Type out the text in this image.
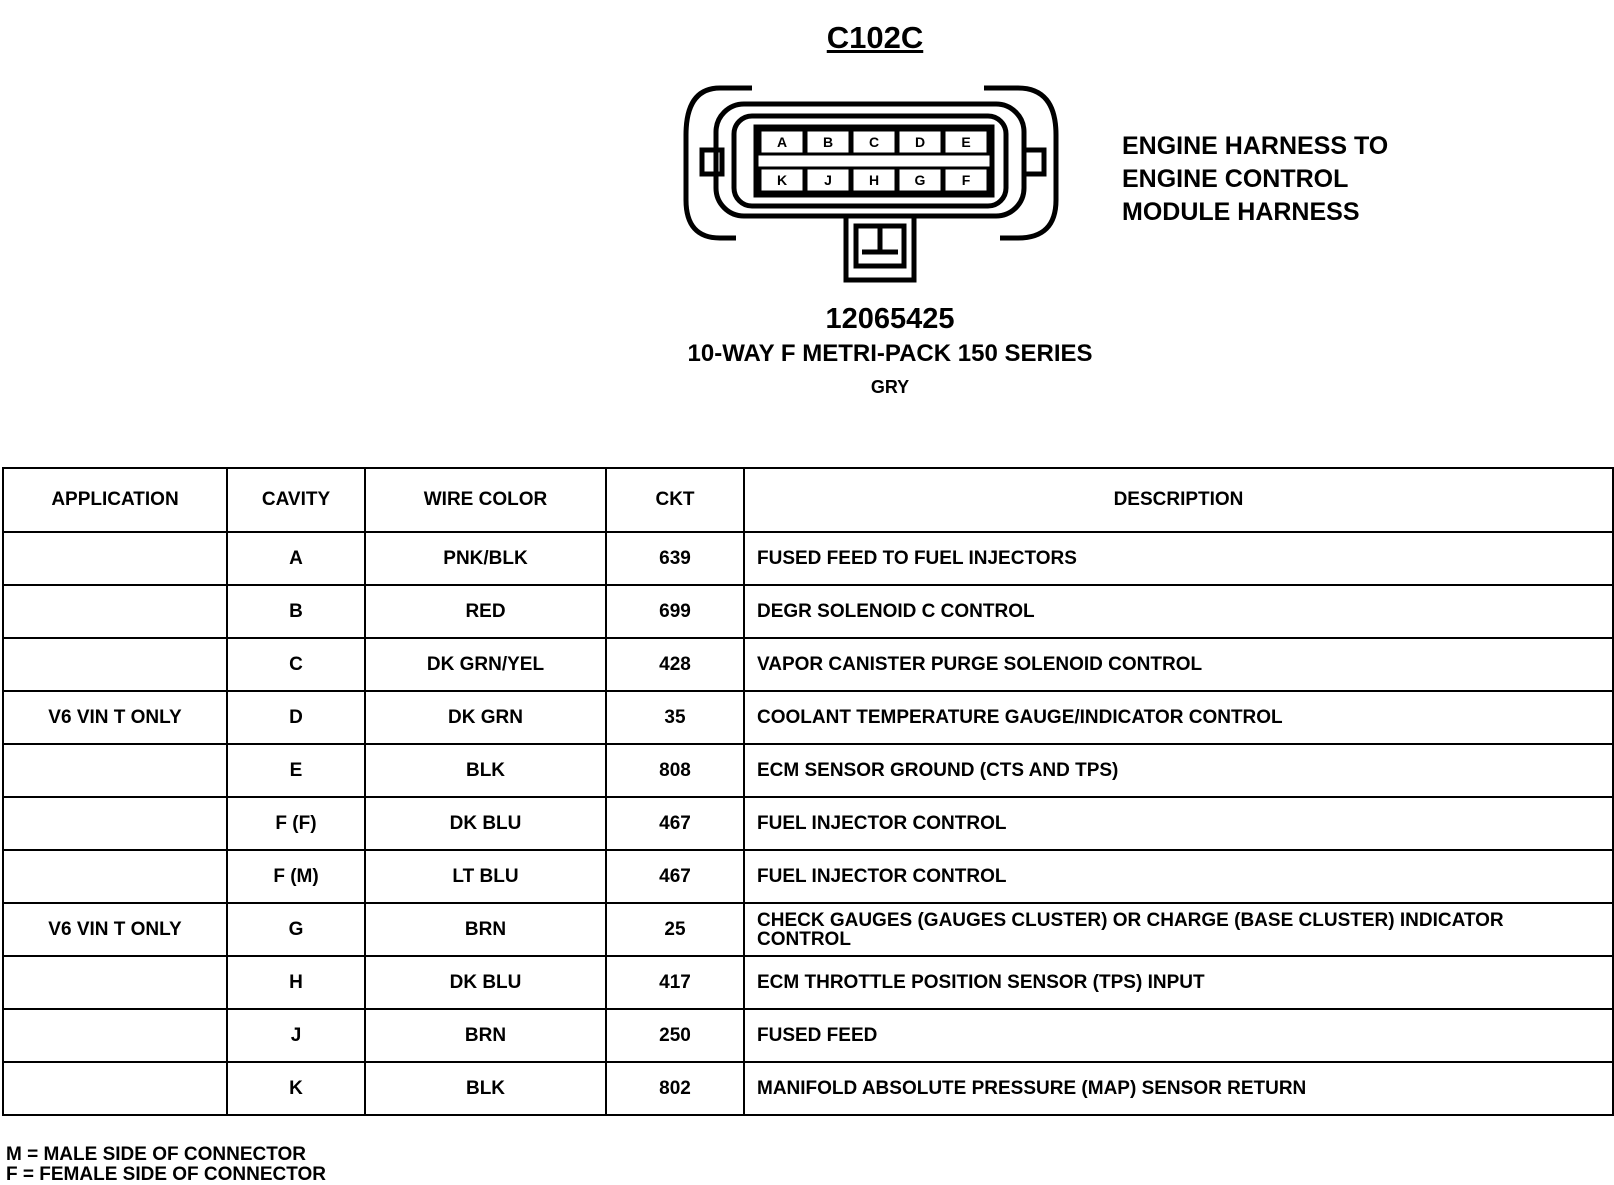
C102C
A	B	C	D	E
K	J	H	G	F
ENGINE HARNESS TO ENGINE CONTROL MODULE HARNESS
12065425
10-WAY F METRI-PACK 150 SERIES
GRY
APPLICATION	CAVITY	WIRE COLOR	CKT	DESCRIPTION
	A	PNK/BLK	639	FUSED FEED TO FUEL INJECTORS
	B	RED	699	DEGR SOLENOID C CONTROL
	C	DK GRN/YEL	428	VAPOR CANISTER PURGE SOLENOID CONTROL
V6 VIN T ONLY	D	DK GRN	35	COOLANT TEMPERATURE GAUGE/INDICATOR CONTROL
	E	BLK	808	ECM SENSOR GROUND (CTS AND TPS)
	F (F)	DK BLU	467	FUEL INJECTOR CONTROL
	F (M)	LT BLU	467	FUEL INJECTOR CONTROL
V6 VIN T ONLY	G	BRN	25	CHECK GAUGES (GAUGES CLUSTER) OR CHARGE (BASE CLUSTER) INDICATOR CONTROL
	H	DK BLU	417	ECM THROTTLE POSITION SENSOR (TPS) INPUT
	J	BRN	250	FUSED FEED
	K	BLK	802	MANIFOLD ABSOLUTE PRESSURE (MAP) SENSOR RETURN
M = MALE SIDE OF CONNECTOR
F = FEMALE SIDE OF CONNECTOR
